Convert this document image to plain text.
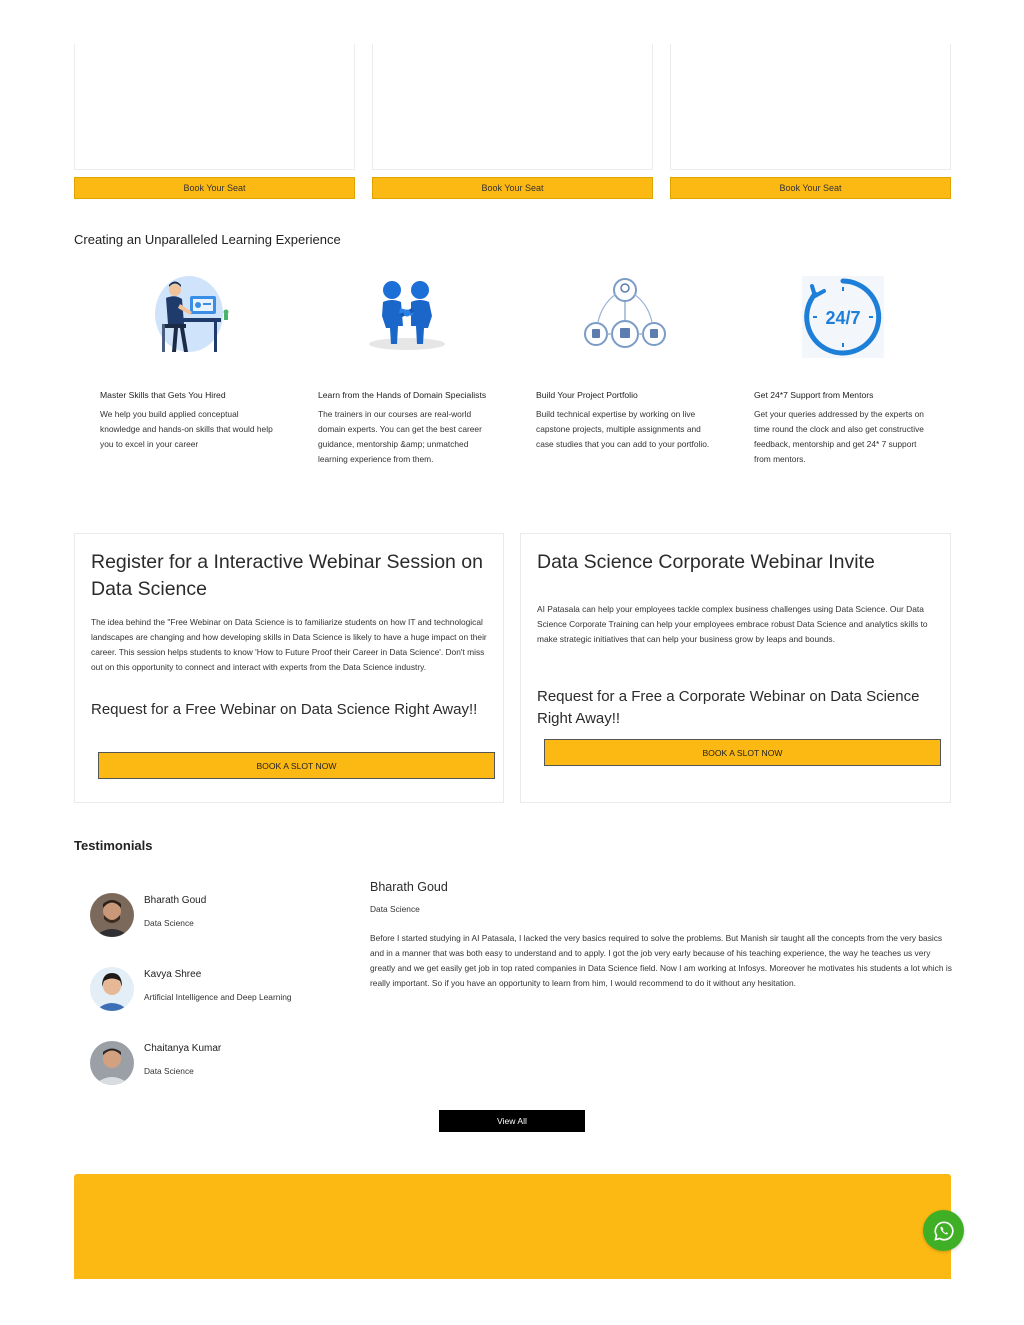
Book Your Seat	Book Your Seat	Book Your Seat
Creating an Unparalleled Learning Experience
Master Skills that Gets You Hired
We help you build applied conceptual knowledge and hands-on skills that would help you to excel in your career
Learn from the Hands of Domain Specialists
The trainers in our courses are real-world domain experts. You can get the best career guidance, mentorship &amp; unmatched learning experience from them.
Build Your Project Portfolio
Build technical expertise by working on live capstone projects, multiple assignments and case studies that you can add to your portfolio.
24/7
Get 24*7 Support from Mentors
Get your queries addressed by the experts on time round the clock and also get constructive feedback, mentorship and get 24* 7 support from mentors.
Register for a Interactive Webinar Session on Data Science

The idea behind the "Free Webinar on Data Science is to familiarize students on how IT and technological landscapes are changing and how developing skills in Data Science is likely to have a huge impact on their career. This session helps students to know 'How to Future Proof their Career in Data Science'. Don't miss out on this opportunity to connect and interact with experts from the Data Science industry.

Request for a Free Webinar on Data Science Right Away!!
BOOK A SLOT NOW
Data Science Corporate Webinar Invite

AI Patasala can help your employees tackle complex business challenges using Data Science. Our Data Science Corporate Training can help your employees embrace robust Data Science and analytics skills to make strategic initiatives that can help your business grow by leaps and bounds.

Request for a Free a Corporate Webinar on Data Science Right Away!!
BOOK A SLOT NOW
Testimonials
Bharath Goud
Data Science
Kavya Shree
Artificial Intelligence and Deep Learning
Chaitanya Kumar
Data Science
Bharath Goud
Data Science
Before I started studying in AI Patasala, I lacked the very basics required to solve the problems. But Manish sir taught all the concepts from the very basics and in a manner that was both easy to understand and to apply. I got the job very early because of his teaching experience, the way he teaches us very greatly and we get easily get job in top rated companies in Data Science field. Now I am working at Infosys. Moreover he motivates his students a lot which is really important. So if you have an opportunity to learn from him, I would recommend to do it without any hesitation.
View All
